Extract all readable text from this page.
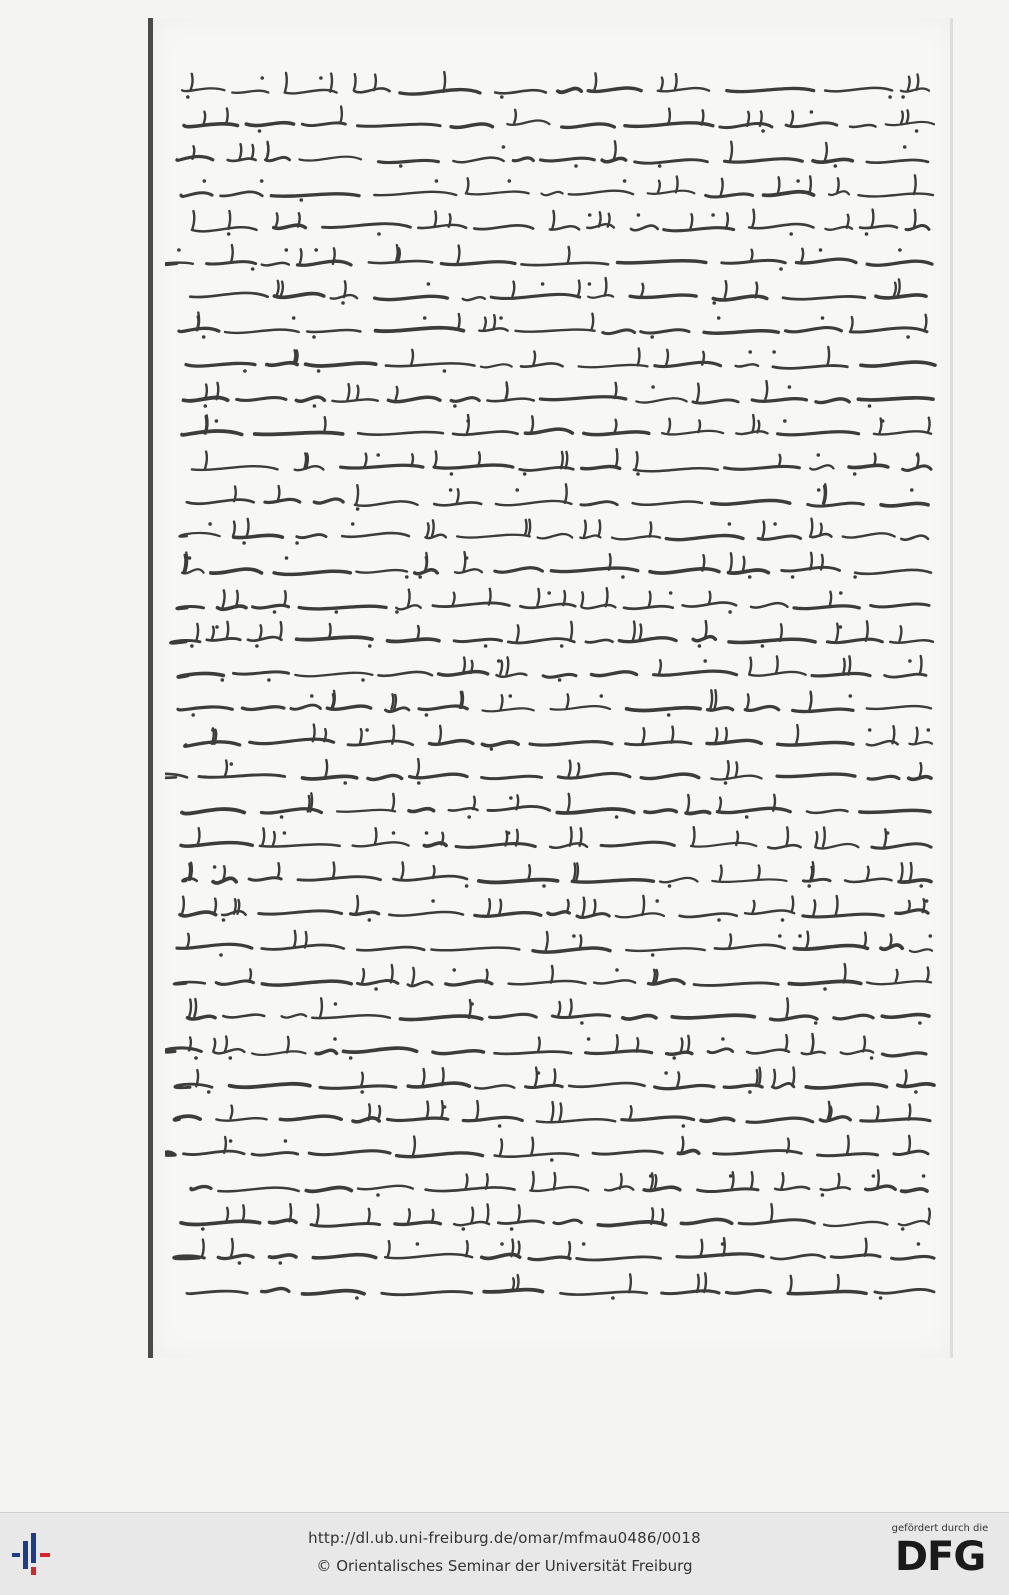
http://dl.ub.uni-freiburg.de/omar/mfmau0486/0018
© Orientalisches Seminar der Universität Freiburg
gefördert durch die
DFG
